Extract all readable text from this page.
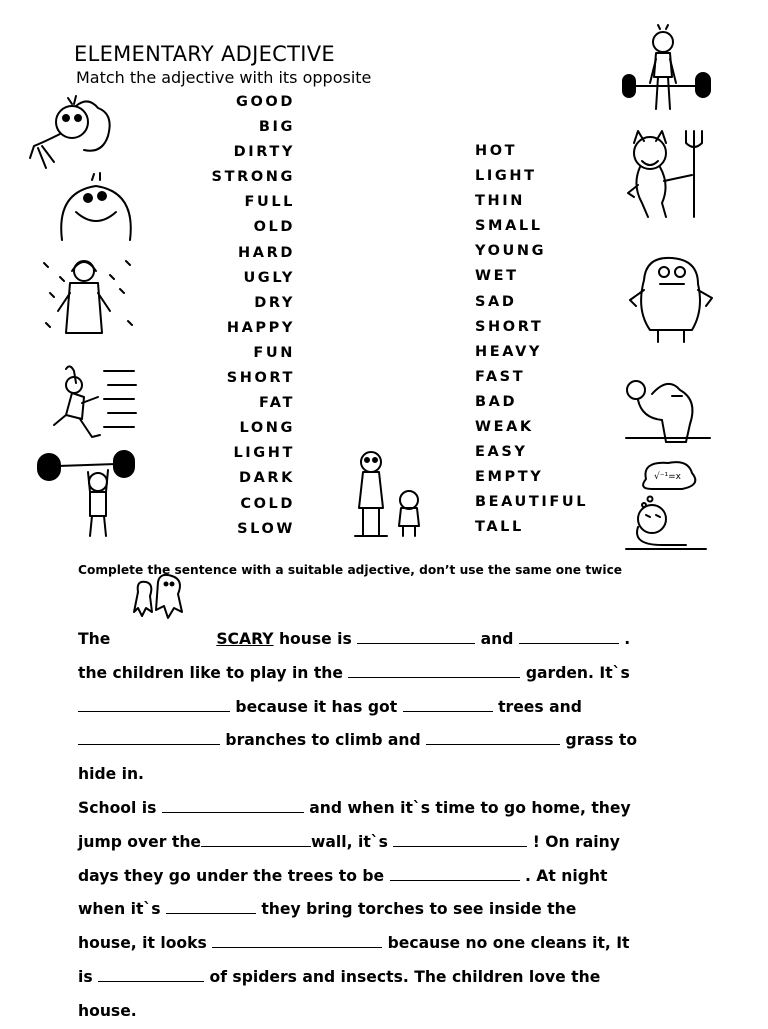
ELEMENTARY ADJECTIVE
Match the adjective with its opposite
GOOD
BIG
DIRTY
STRONG
FULL
OLD
HARD
UGLY
DRY
HAPPY
FUN
SHORT
FAT
LONG
LIGHT
DARK
COLD
SLOW
HOT
LIGHT
THIN
SMALL
YOUNG
WET
SAD
SHORT
HEAVY
FAST
BAD
WEAK
EASY
EMPTY
BEAUTIFUL
TALL
√⁻¹=x
Complete the sentence with a suitable adjective, don’t use the same one twice
The	SCARY house is	and	.
the children like to play in the	garden. It`s
because it has got	trees and
branches to climb and	grass to
hide in.
School is	and when it`s time to go home, they
jump over the	wall, it`s	! On rainy
days they go under the trees to be	. At night
when it`s	they bring torches to see inside the
house, it looks	because no one cleans it, It
is	of spiders and insects. The children love the
house.
